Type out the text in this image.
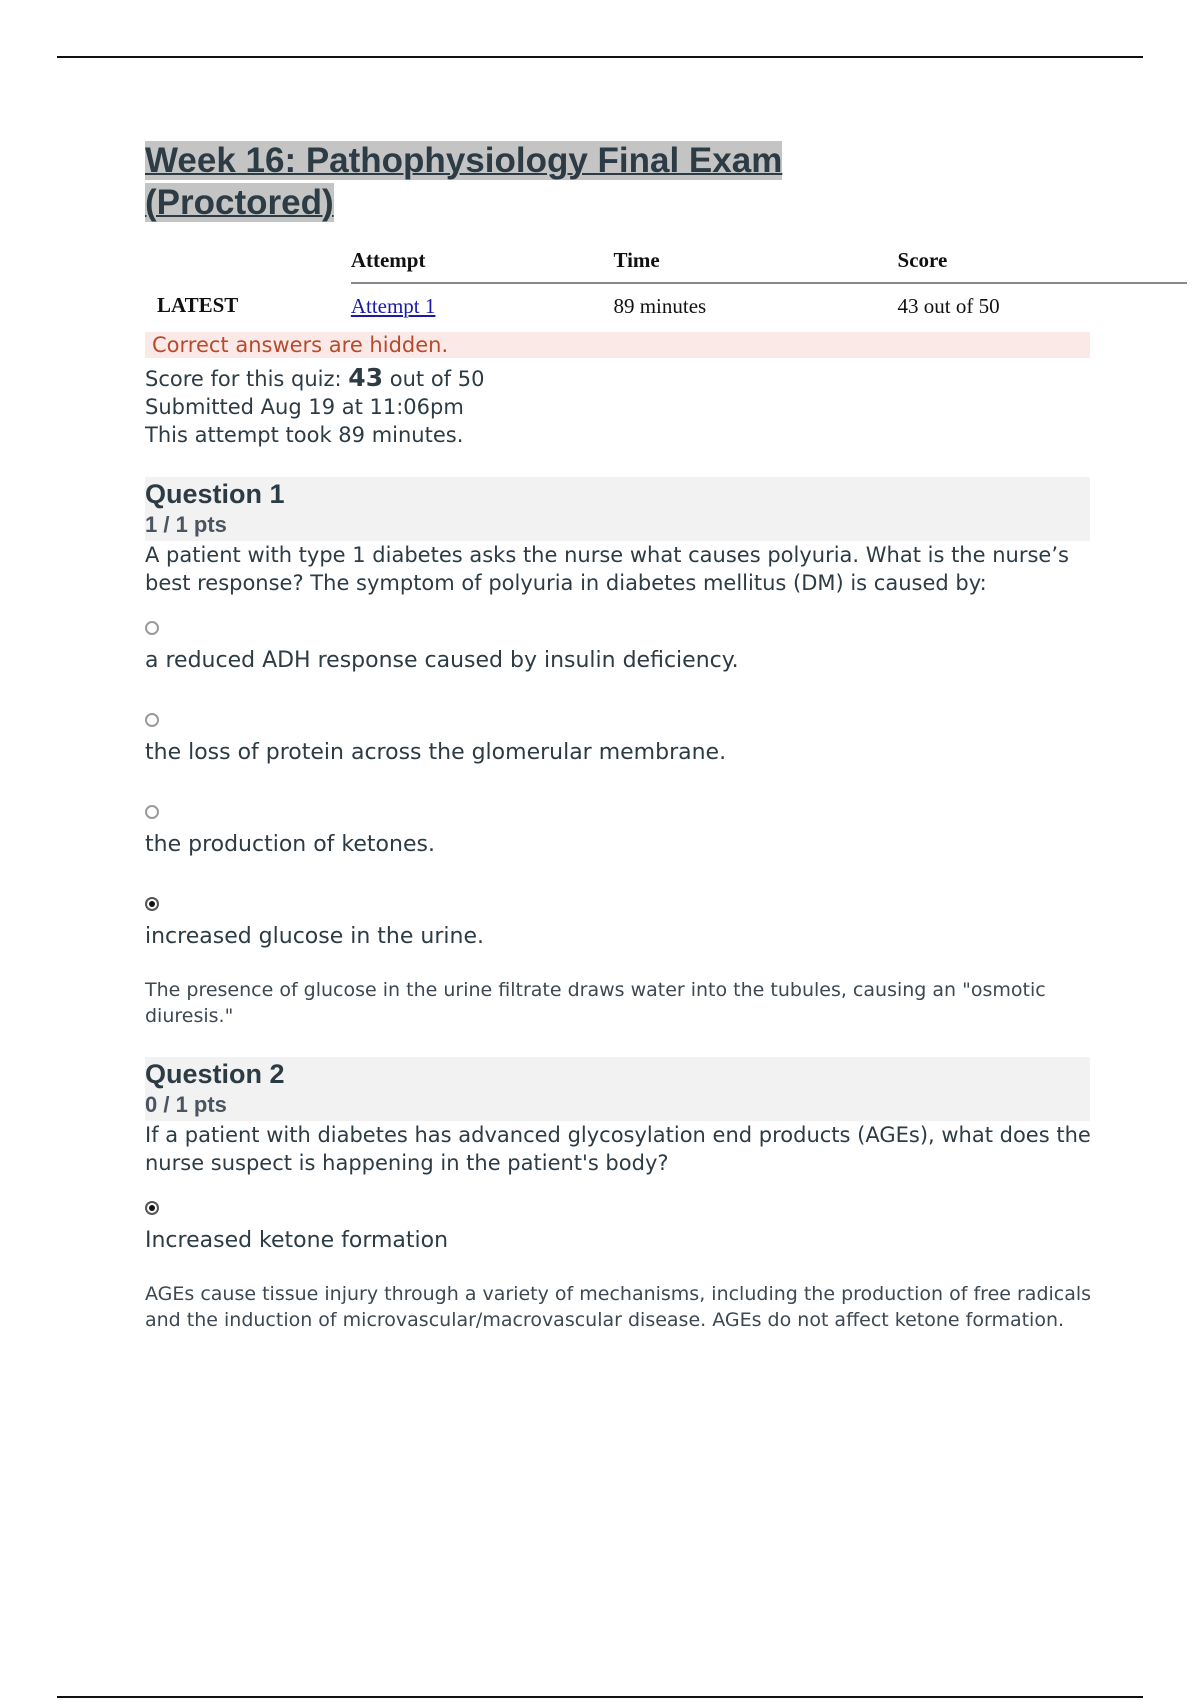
Week 16: Pathophysiology Final Exam
(Proctored)
	Attempt	Time	Score
LATEST	Attempt 1	89 minutes	43 out of 50
Correct answers are hidden.
Score for this quiz: 43 out of 50 Submitted Aug 19 at 11:06pm This attempt took 89 minutes.
Question 1
1 / 1 pts
A patient with type 1 diabetes asks the nurse what causes polyuria. What is the nurse’s best response? The symptom of polyuria in diabetes mellitus (DM) is caused by:
a reduced ADH response caused by insulin deficiency.
the loss of protein across the glomerular membrane.
the production of ketones.
increased glucose in the urine.
The presence of glucose in the urine filtrate draws water into the tubules, causing an "osmotic diuresis."
Question 2
0 / 1 pts
If a patient with diabetes has advanced glycosylation end products (AGEs), what does the nurse suspect is happening in the patient's body?
Increased ketone formation
AGEs cause tissue injury through a variety of mechanisms, including the production of free radicals and the induction of microvascular/macrovascular disease. AGEs do not affect ketone formation.
